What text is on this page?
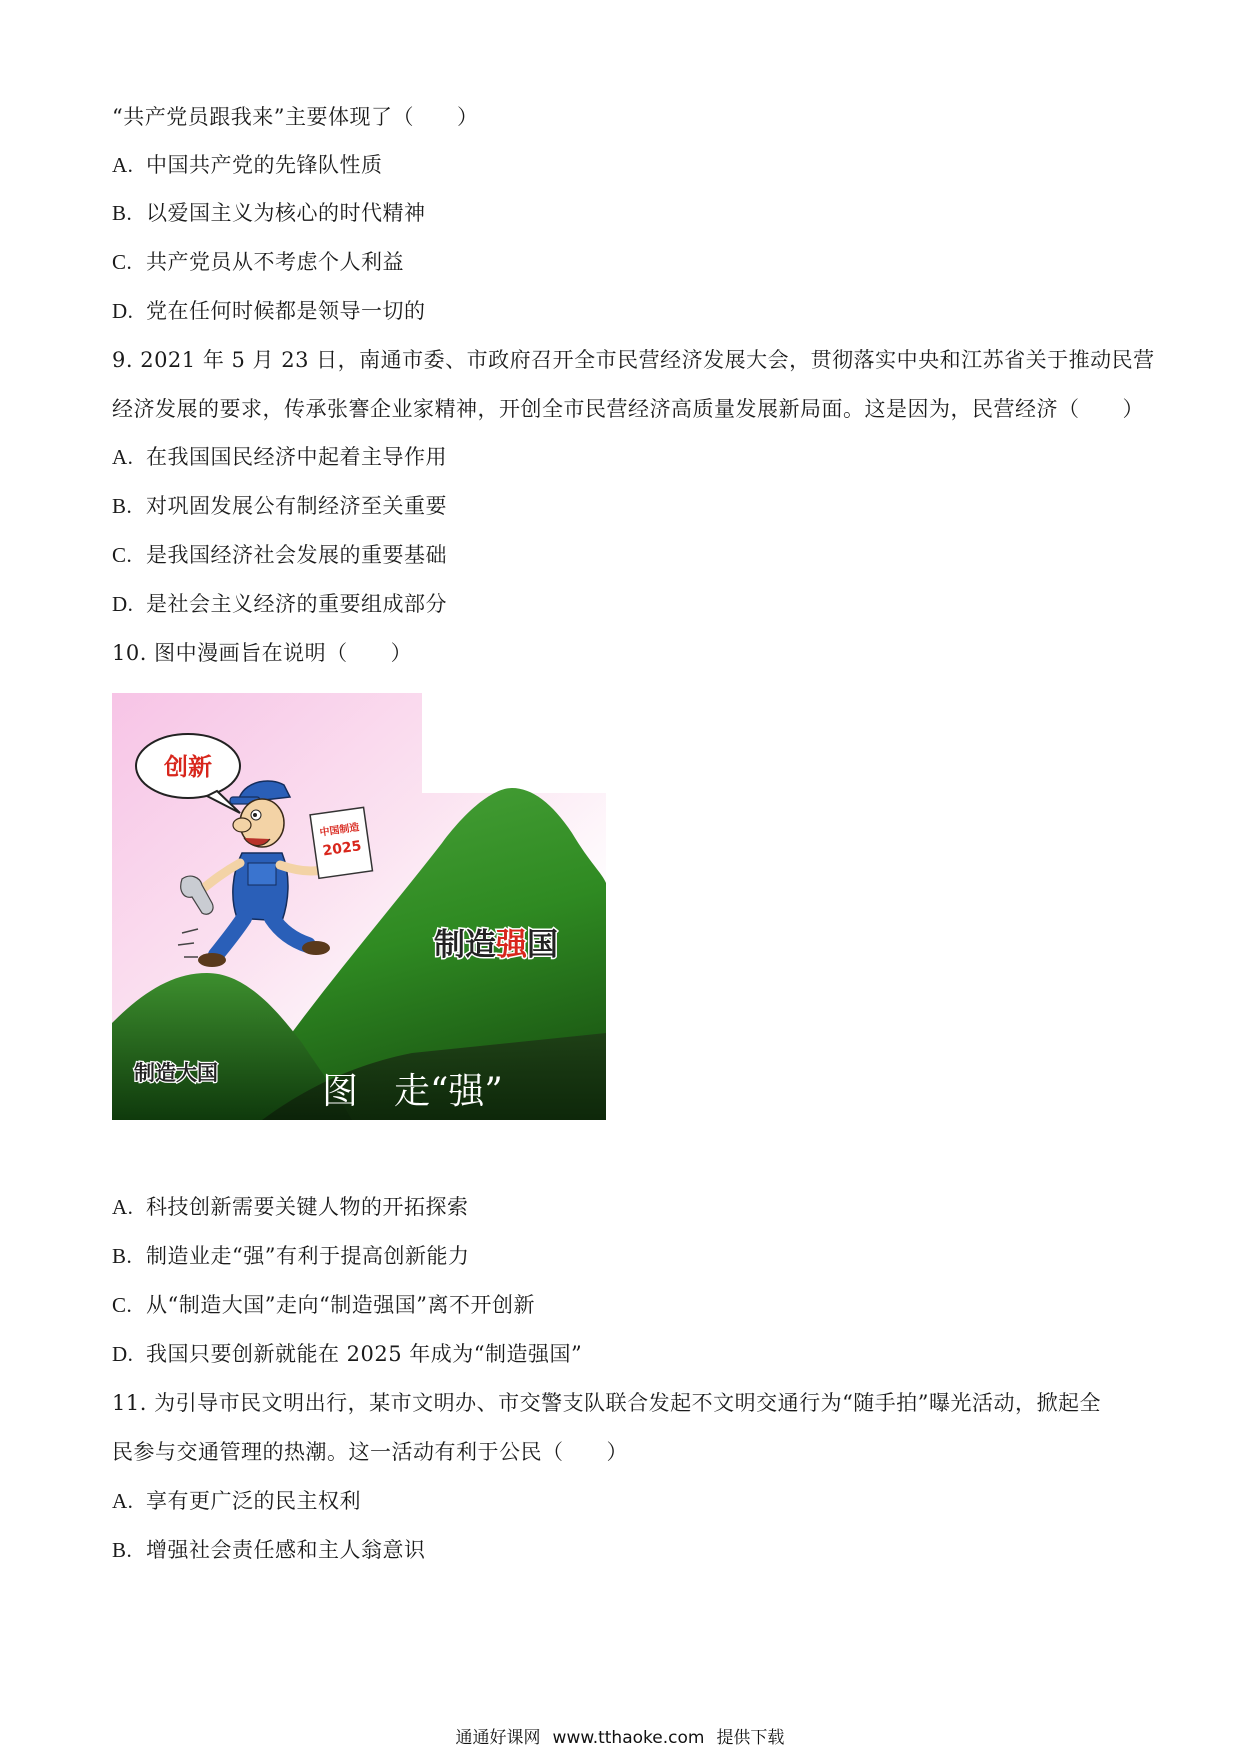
“共产党员跟我来”主要体现了（　　）
A. 中国共产党的先锋队性质
B. 以爱国主义为核心的时代精神
C. 共产党员从不考虑个人利益
D. 党在任何时候都是领导一切的
9. 2021 年 5 月 23 日，南通市委、市政府召开全市民营经济发展大会，贯彻落实中央和江苏省关于推动民营
经济发展的要求，传承张謇企业家精神，开创全市民营经济高质量发展新局面。这是因为，民营经济（　　）
A. 在我国国民经济中起着主导作用
B. 对巩固发展公有制经济至关重要
C. 是我国经济社会发展的重要基础
D. 是社会主义经济的重要组成部分
10. 图中漫画旨在说明（　　）
创新
中国制造
2025
制造强国
制造大国	图　走“强”
A. 科技创新需要关键人物的开拓探索
B. 制造业走“强”有利于提高创新能力
C. 从“制造大国”走向“制造强国”离不开创新
D. 我国只要创新就能在 2025 年成为“制造强国”
11. 为引导市民文明出行，某市文明办、市交警支队联合发起不文明交通行为“随手拍”曝光活动，掀起全
民参与交通管理的热潮。这一活动有利于公民（　　）
A. 享有更广泛的民主权利
B. 增强社会责任感和主人翁意识
通通好课网 www.tthaoke.com 提供下载
